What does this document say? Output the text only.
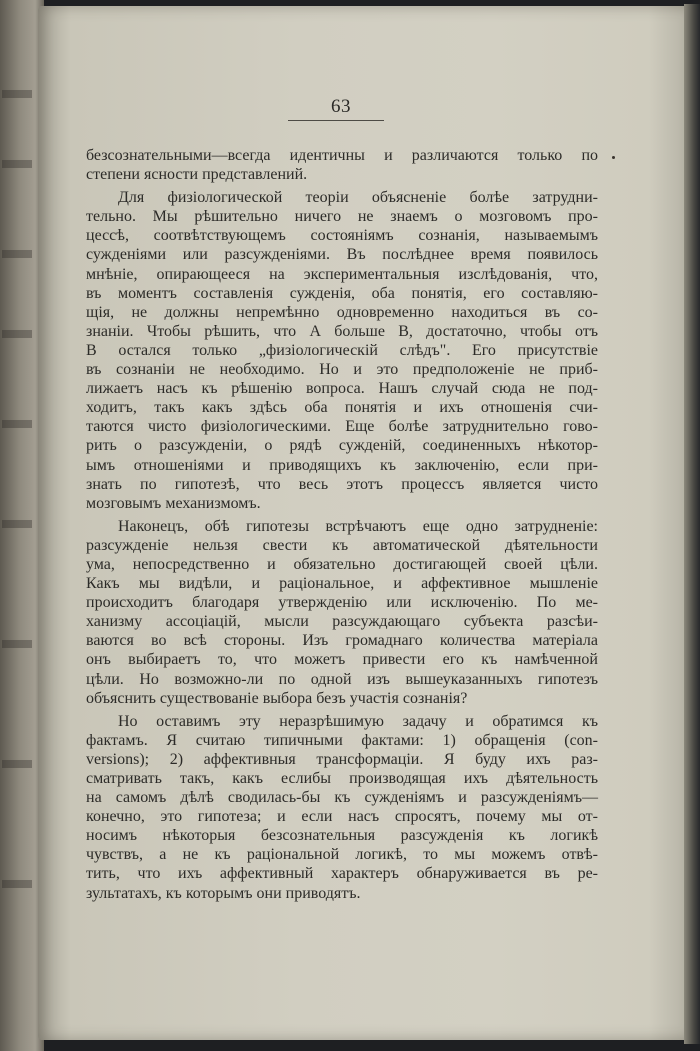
63
безсознательными—всегда идентичны и различаются только по
степени ясности представлений.
Для физіологической теоріи объясненіе болѣе затрудни-
тельно. Мы рѣшительно ничего не знаемъ о мозговомъ про-
цессѣ, соотвѣтствующемъ состояніямъ сознанія, называемымъ
сужденіями или разсужденіями. Въ послѣднее время появилось
мнѣніе, опирающееся на экспериментальныя изслѣдованія, что,
въ моментъ составленія сужденія, оба понятія, его составляю-
щія, не должны непремѣнно одновременно находиться въ со-
знаніи. Чтобы рѣшить, что А больше В, достаточно, чтобы отъ
В остался только „физіологическій слѣдъ". Его присутствіе
въ сознаніи не необходимо. Но и это предположеніе не приб-
лижаетъ насъ къ рѣшенію вопроса. Нашъ случай сюда не под-
ходитъ, такъ какъ здѣсь оба понятія и ихъ отношенія счи-
таются чисто физіологическими. Еще болѣе затруднительно гово-
рить о разсужденіи, о рядѣ сужденій, соединенныхъ нѣкотор-
ымъ отношеніями и приводящихъ къ заключенію, если при-
знать по гипотезѣ, что весь этотъ процессъ является чисто
мозговымъ механизмомъ.
Наконецъ, обѣ гипотезы встрѣчаютъ еще одно затрудненіе:
разсужденіе нельзя свести къ автоматической дѣятельности
ума, непосредственно и обязательно достигающей своей цѣли.
Какъ мы видѣли, и раціональное, и аффективное мышленіе
происходитъ благодаря утвержденію или исключенію. По ме-
ханизму ассоціацій, мысли разсуждающаго субъекта разсѣи-
ваются во всѣ стороны. Изъ громаднаго количества матеріала
онъ выбираетъ то, что можетъ привести его къ намѣченной
цѣли. Но возможно-ли по одной изъ вышеуказанныхъ гипотезъ
объяснить существованіе выбора безъ участія сознанія?
Но оставимъ эту неразрѣшимую задачу и обратимся къ
фактамъ. Я считаю типичными фактами: 1) обращенія (con-
versions); 2) аффективныя трансформаціи. Я буду ихъ раз-
сматривать такъ, какъ еслибы производящая ихъ дѣятельность
на самомъ дѣлѣ сводилась-бы къ сужденіямъ и разсужденіямъ—
конечно, это гипотеза; и если насъ спросятъ, почему мы от-
носимъ нѣкоторыя безсознательныя разсужденія къ логикѣ
чувствъ, а не къ раціональной логикѣ, то мы можемъ отвѣ-
тить, что ихъ аффективный характеръ обнаруживается въ ре-
зультатахъ, къ которымъ они приводятъ.
